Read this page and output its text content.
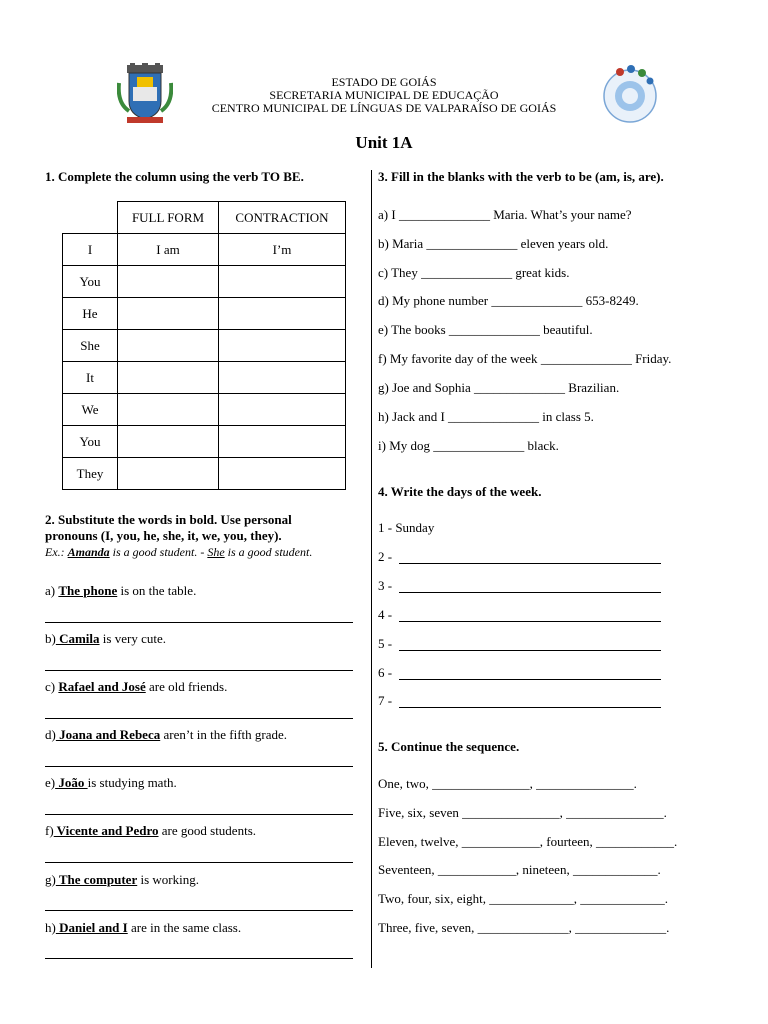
ESTADO DE GOIÁS
SECRETARIA MUNICIPAL DE EDUCAÇÃO
CENTRO MUNICIPAL DE LÍNGUAS DE VALPARAÍSO DE GOIÁS
Unit 1A
1. Complete the column using the verb TO BE.
	FULL FORM	CONTRACTION
I	I am	I’m
You		
He		
She		
It		
We		
You		
They		
2. Substitute the words in bold. Use personal
pronouns (I, you, he, she, it, we, you, they).
Ex.: Amanda is a good student. - She is a good student.
a) The phone is on the table.
b) Camila is very cute.
c) Rafael and José are old friends.
d) Joana and Rebeca aren’t in the fifth grade.
e) João is studying math.
f) Vicente and Pedro are good students.
g) The computer is working.
h) Daniel and I are in the same class.
3. Fill in the blanks with the verb to be (am, is, are).
a) I ______________ Maria. What’s your name?
b) Maria ______________ eleven years old.
c) They ______________ great kids.
d) My phone number ______________ 653-8249.
e) The books ______________ beautiful.
f) My favorite day of the week ______________ Friday.
g) Joe and Sophia ______________ Brazilian.
h) Jack and I ______________ in class 5.
i) My dog ______________ black.
4. Write the days of the week.
1 - Sunday
2 -
3 -
4 -
5 -
6 -
7 -
5. Continue the sequence.
One, two, _______________, _______________.
Five, six, seven _______________, _______________.
Eleven, twelve, ____________, fourteen, ____________.
Seventeen, ____________, nineteen, _____________.
Two, four, six, eight, _____________, _____________.
Three, five, seven, ______________, ______________.
